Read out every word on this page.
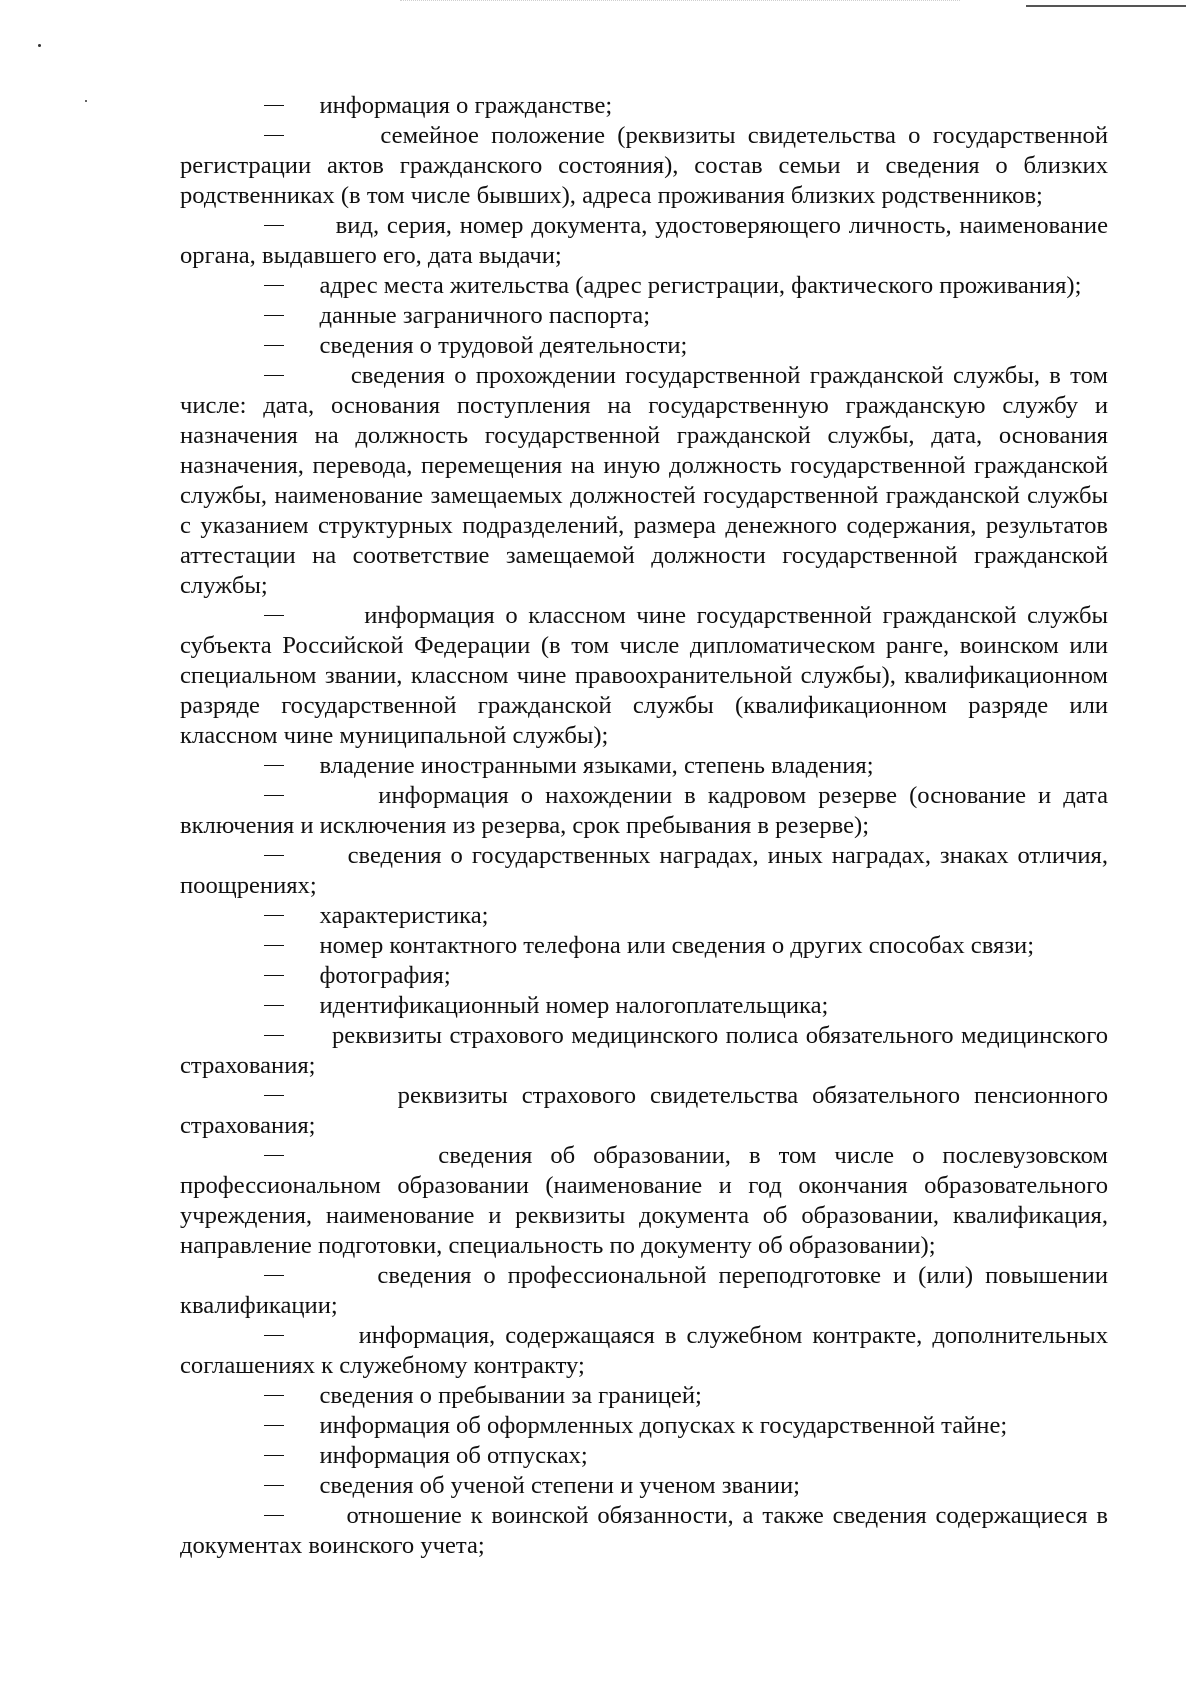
информация о гражданстве;

семейное положение (реквизиты свидетельства о государственной регистрации актов гражданского состояния), состав семьи и сведения о близких родственниках (в том числе бывших), адреса проживания близких родственников;

вид, серия, номер документа, удостоверяющего личность, наименование органа, выдавшего его, дата выдачи;

адрес места жительства (адрес регистрации, фактического проживания);

данные заграничного паспорта;

сведения о трудовой деятельности;

сведения о прохождении государственной гражданской службы, в том числе: дата, основания поступления на государственную гражданскую службу и назначения на должность государственной гражданской службы, дата, основания назначения, перевода, перемещения на иную должность государственной гражданской службы, наименование замещаемых должностей государственной гражданской службы с указанием структурных подразделений, размера денежного содержания, результатов аттестации на соответствие замещаемой должности государственной гражданской службы;

информация о классном чине государственной гражданской службы субъекта Российской Федерации (в том числе дипломатическом ранге, воинском или специальном звании, классном чине правоохранительной службы), квалификационном разряде государственной гражданской службы (квалификационном разряде или классном чине муниципальной службы);

владение иностранными языками, степень владения;

информация о нахождении в кадровом резерве (основание и дата включения и исключения из резерва, срок пребывания в резерве);

сведения о государственных наградах, иных наградах, знаках отличия, поощрениях;

характеристика;

номер контактного телефона или сведения о других способах связи;

фотография;

идентификационный номер налогоплательщика;

реквизиты страхового медицинского полиса обязательного медицинского страхования;

реквизиты страхового свидетельства обязательного пенсионного страхования;

сведения об образовании, в том числе о послевузовском профессиональном образовании (наименование и год окончания образовательного учреждения, наименование и реквизиты документа об образовании, квалификация, направление подготовки, специальность по документу об образовании);

сведения о профессиональной переподготовке и (или) повышении квалификации;

информация, содержащаяся в служебном контракте, дополнительных соглашениях к служебному контракту;

сведения о пребывании за границей;

информация об оформленных допусках к государственной тайне;

информация об отпусках;

сведения об ученой степени и ученом звании;

отношение к воинской обязанности, а также сведения содержащиеся в документах воинского учета;
